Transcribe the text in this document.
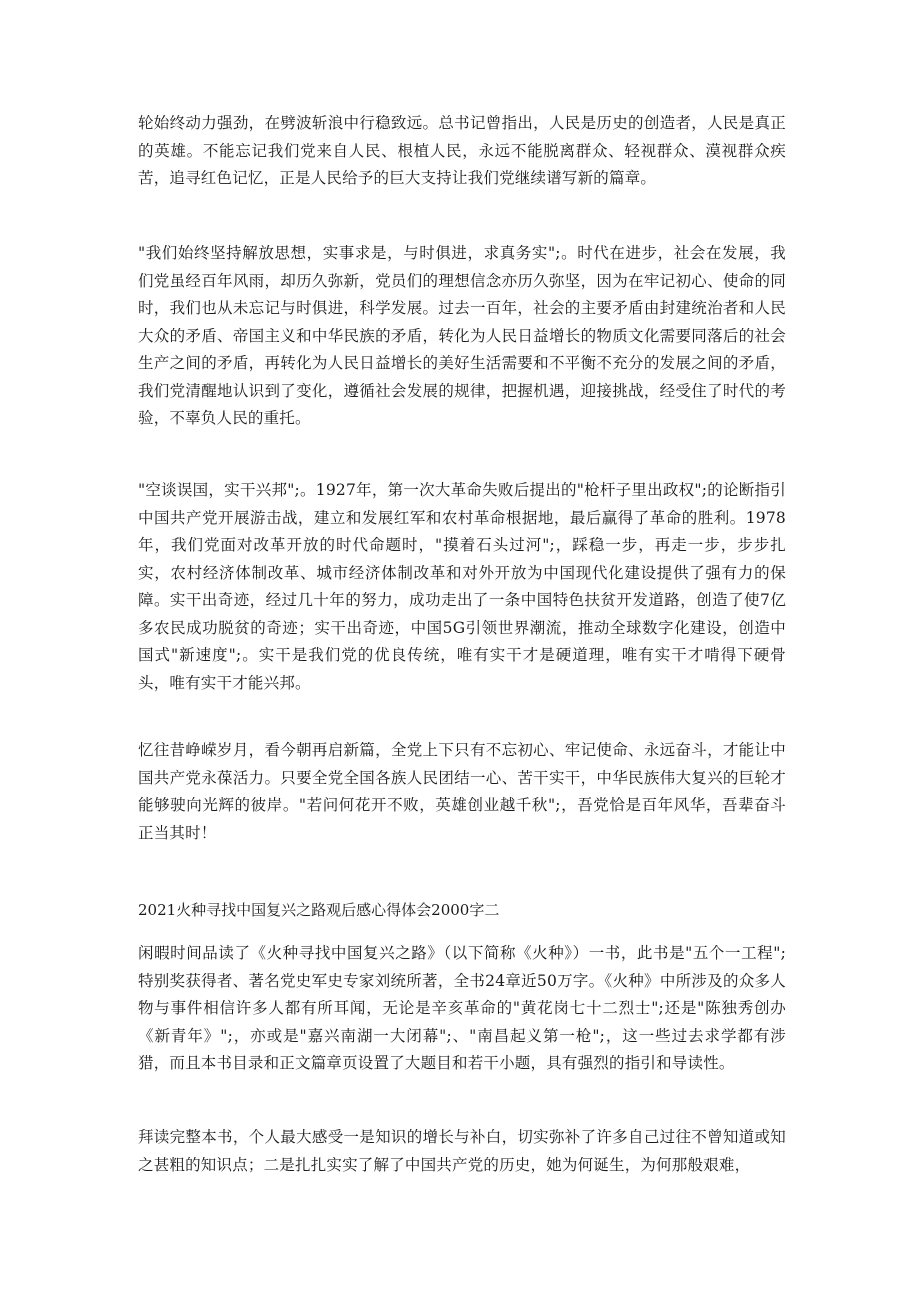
轮始终动力强劲，在劈波斩浪中行稳致远。总书记曾指出，人民是历史的创造者，人民是真正的英雄。不能忘记我们党来自人民、根植人民，永远不能脱离群众、轻视群众、漠视群众疾苦，追寻红色记忆，正是人民给予的巨大支持让我们党继续谱写新的篇章。

"我们始终坚持解放思想，实事求是，与时俱进，求真务实";。时代在进步，社会在发展，我们党虽经百年风雨，却历久弥新，党员们的理想信念亦历久弥坚，因为在牢记初心、使命的同时，我们也从未忘记与时俱进，科学发展。过去一百年，社会的主要矛盾由封建统治者和人民大众的矛盾、帝国主义和中华民族的矛盾，转化为人民日益增长的物质文化需要同落后的社会生产之间的矛盾，再转化为人民日益增长的美好生活需要和不平衡不充分的发展之间的矛盾，我们党清醒地认识到了变化，遵循社会发展的规律，把握机遇，迎接挑战，经受住了时代的考验，不辜负人民的重托。

"空谈误国，实干兴邦";。1927年，第一次大革命失败后提出的"枪杆子里出政权";的论断指引中国共产党开展游击战，建立和发展红军和农村革命根据地，最后赢得了革命的胜利。1978年，我们党面对改革开放的时代命题时，"摸着石头过河";，踩稳一步，再走一步，步步扎实，农村经济体制改革、城市经济体制改革和对外开放为中国现代化建设提供了强有力的保障。实干出奇迹，经过几十年的努力，成功走出了一条中国特色扶贫开发道路，创造了使7亿多农民成功脱贫的奇迹；实干出奇迹，中国5G引领世界潮流，推动全球数字化建设，创造中国式"新速度";。实干是我们党的优良传统，唯有实干才是硬道理，唯有实干才啃得下硬骨头，唯有实干才能兴邦。

忆往昔峥嵘岁月，看今朝再启新篇，全党上下只有不忘初心、牢记使命、永远奋斗，才能让中国共产党永葆活力。只要全党全国各族人民团结一心、苦干实干，中华民族伟大复兴的巨轮才能够驶向光辉的彼岸。"若问何花开不败，英雄创业越千秋";，吾党恰是百年风华，吾辈奋斗正当其时！

2021火种寻找中国复兴之路观后感心得体会2000字二

闲暇时间品读了《火种寻找中国复兴之路》（以下简称《火种》）一书，此书是"五个一工程";特别奖获得者、著名党史军史专家刘统所著，全书24章近50万字。《火种》中所涉及的众多人物与事件相信许多人都有所耳闻，无论是辛亥革命的"黄花岗七十二烈士";还是"陈独秀创办《新青年》";，亦或是"嘉兴南湖一大闭幕";、"南昌起义第一枪";，这一些过去求学都有涉猎，而且本书目录和正文篇章页设置了大题目和若干小题，具有强烈的指引和导读性。

拜读完整本书，个人最大感受一是知识的增长与补白，切实弥补了许多自己过往不曾知道或知之甚粗的知识点；二是扎扎实实了解了中国共产党的历史，她为何诞生，为何那般艰难，
